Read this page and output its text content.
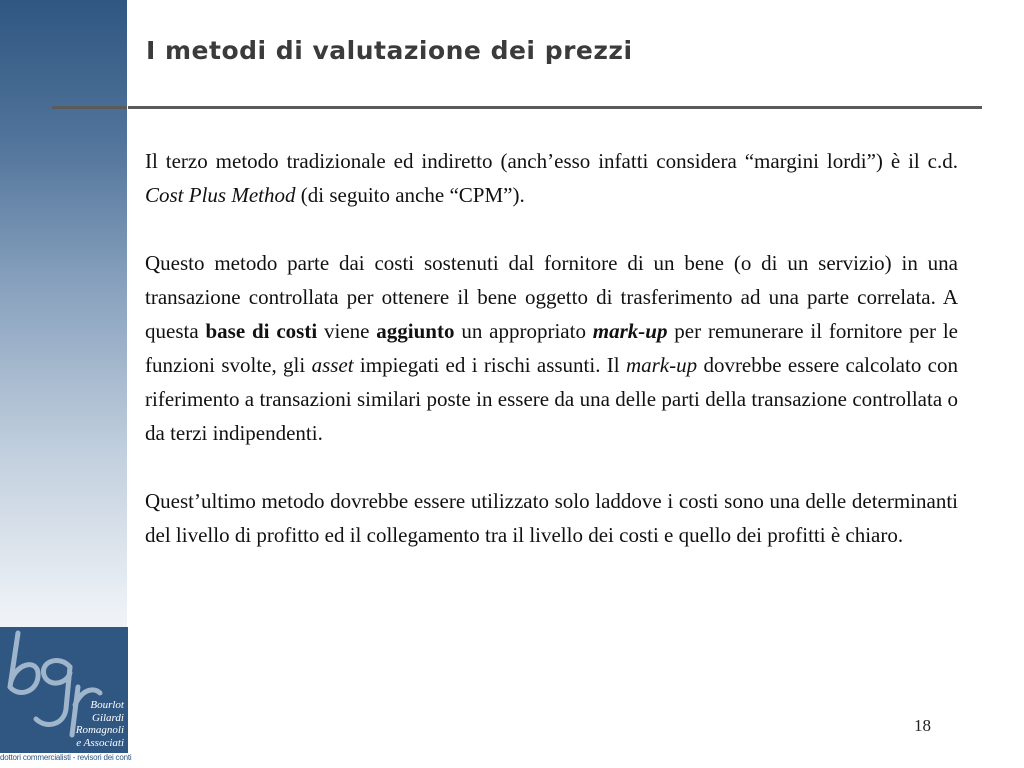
I metodi di valutazione dei prezzi

Il terzo metodo tradizionale ed indiretto (anch’esso infatti considera “margini lordi”) è il c.d. Cost Plus Method (di seguito anche “CPM”).

Questo metodo parte dai costi sostenuti dal fornitore di un bene (o di un servizio) in una transazione controllata per ottenere il bene oggetto di trasferimento ad una parte correlata. A questa base di costi viene aggiunto un appropriato mark-up per remunerare il fornitore per le funzioni svolte, gli asset impiegati ed i rischi assunti. Il mark-up dovrebbe essere calcolato con riferimento a transazioni similari poste in essere da una delle parti della transazione controllata o da terzi indipendenti.

Quest’ultimo metodo dovrebbe essere utilizzato solo laddove i costi sono una delle determinanti del livello di profitto ed il collegamento tra il livello dei costi e quello dei profitti è chiaro.

Bourlot
Gilardi
Romagnoli
e Associati
dottori commercialisti - revisori dei conti
18
